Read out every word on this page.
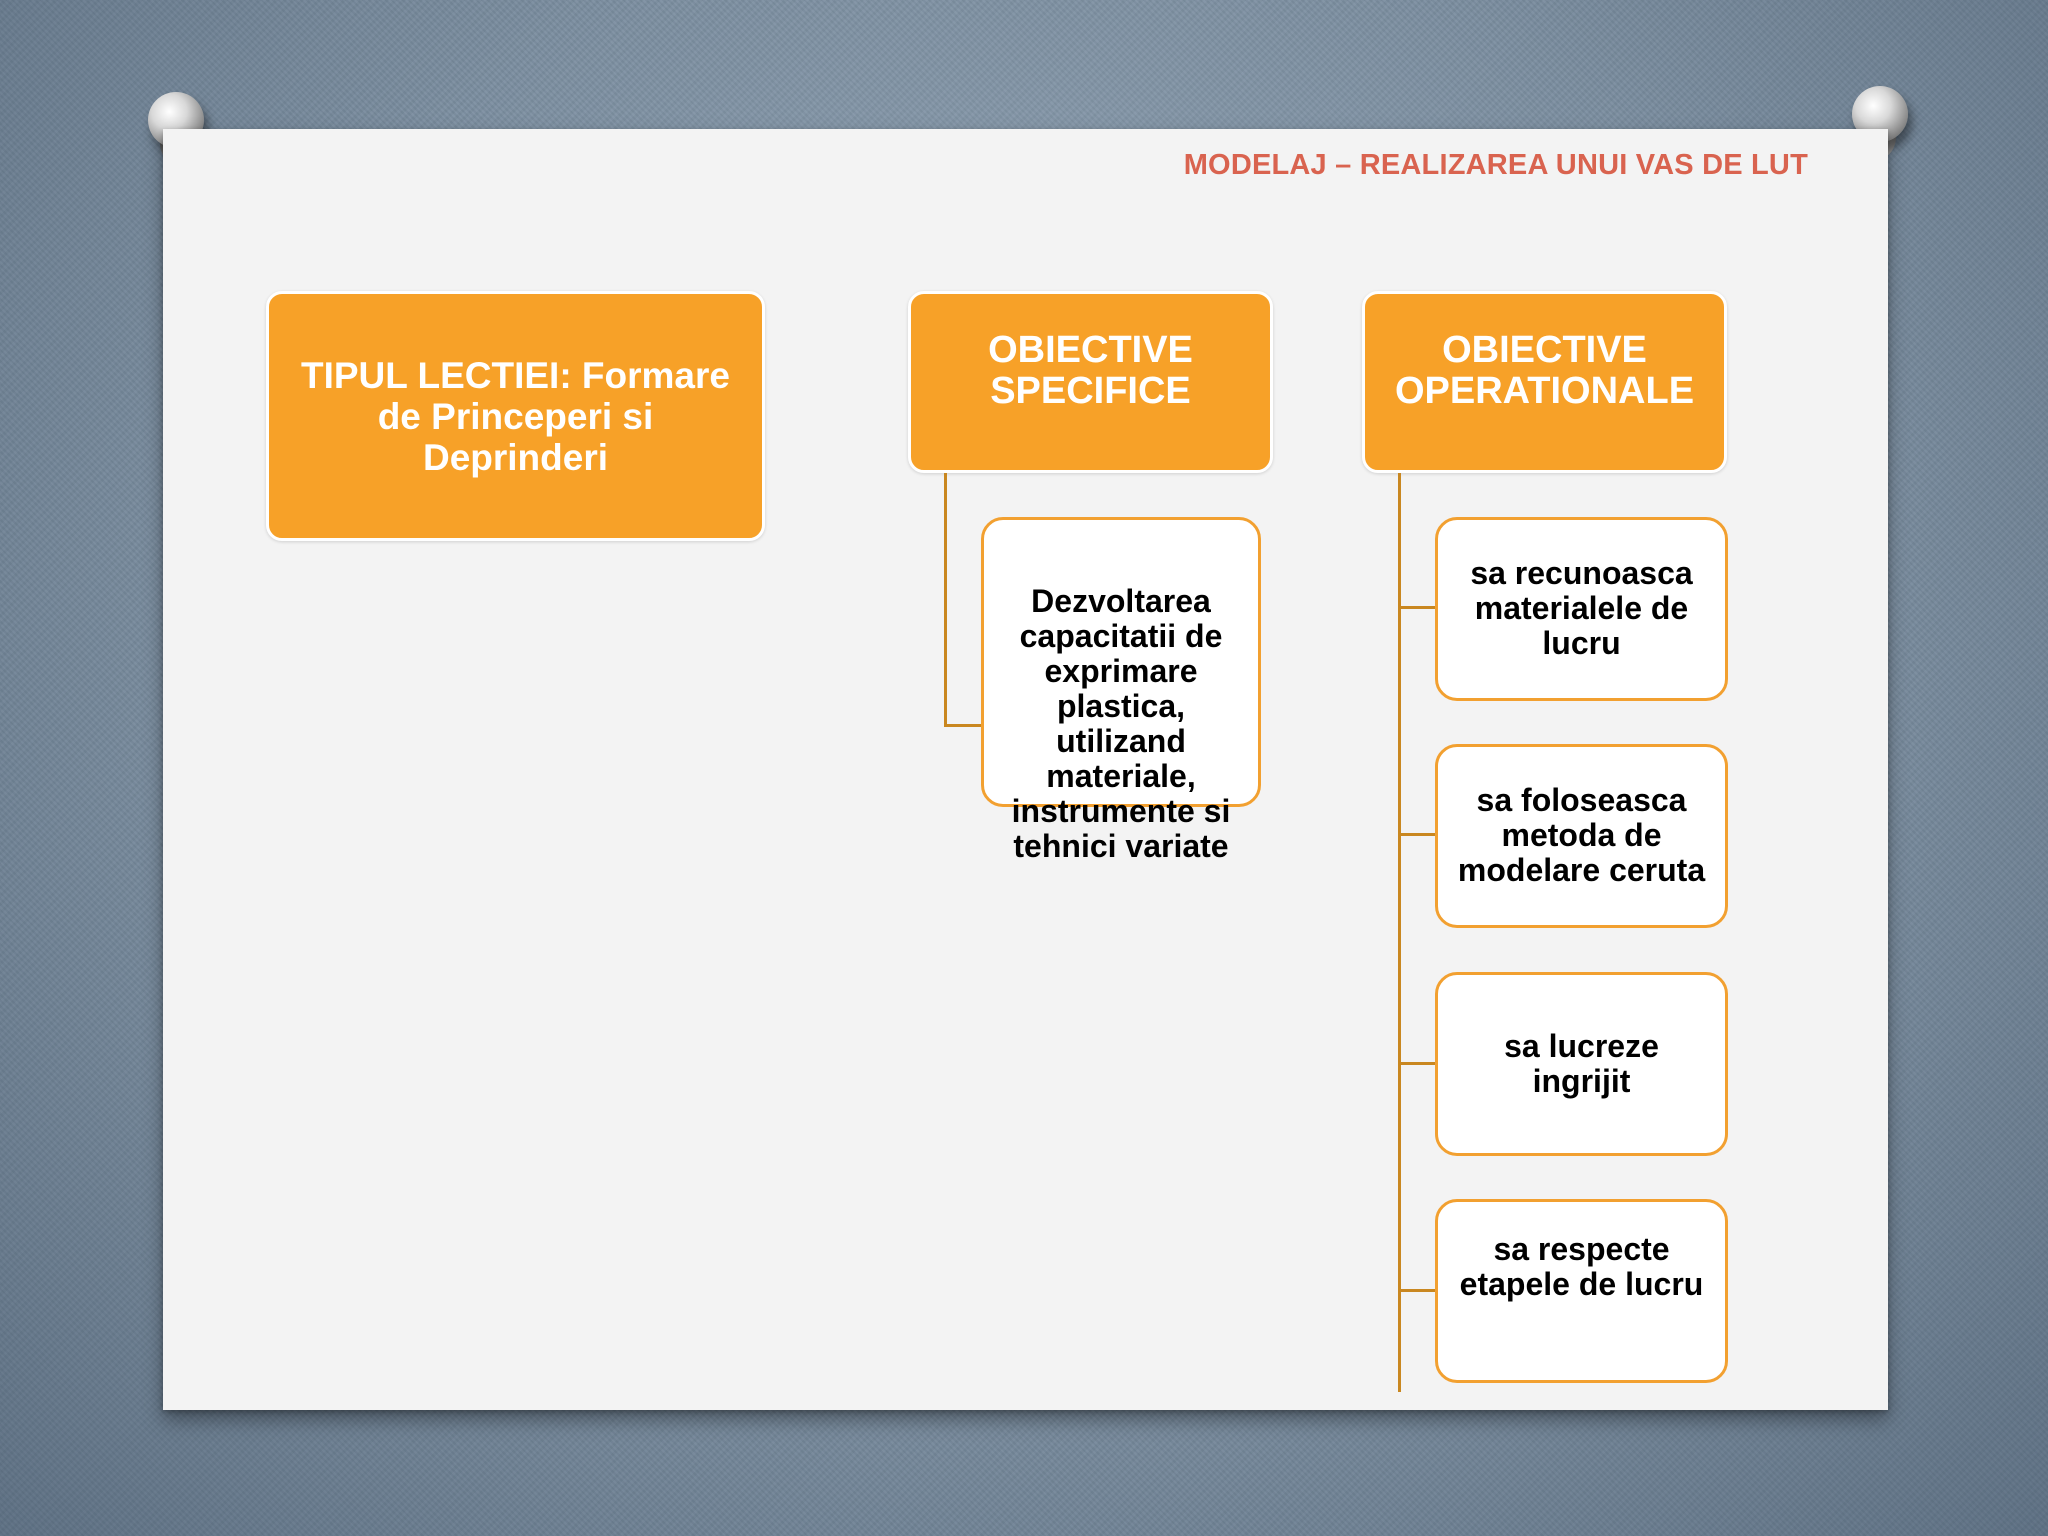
MODELAJ – REALIZAREA UNUI VAS DE LUT
TIPUL LECTIEI: Formare de Princeperi si Deprinderi
OBIECTIVE SPECIFICE
OBIECTIVE OPERATIONALE
Dezvoltarea capacitatii de exprimare plastica, utilizand materiale, instrumente si tehnici variate
sa recunoasca materialele de lucru
sa foloseasca metoda de modelare ceruta
sa lucreze ingrijit
sa respecte etapele de lucru
